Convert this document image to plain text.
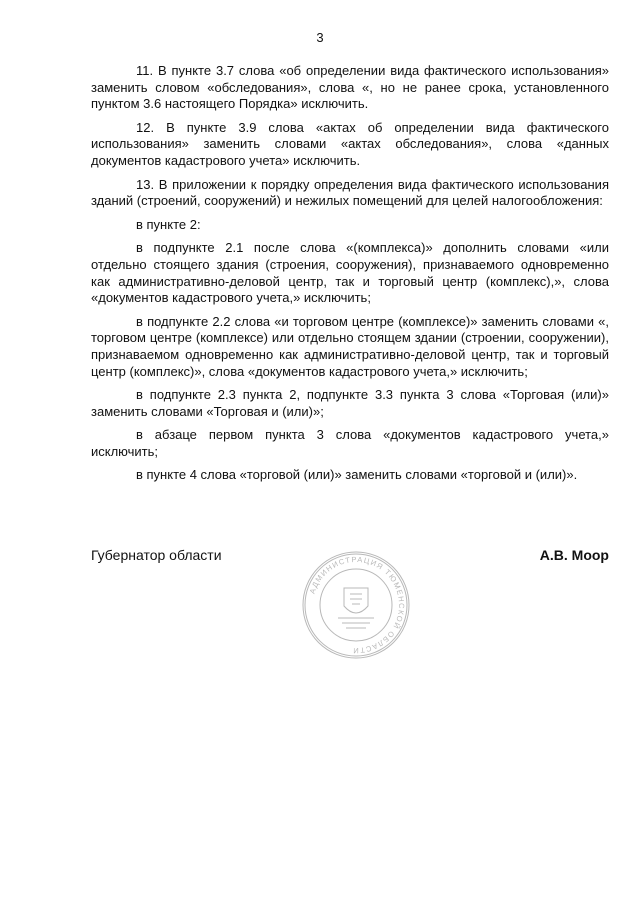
3

11. В пункте 3.7 слова «об определении вида фактического использования» заменить словом «обследования», слова «, но не ранее срока, установленного пунктом 3.6 настоящего Порядка» исключить.

12. В пункте 3.9 слова «актах об определении вида фактического использования» заменить словами «актах обследования», слова «данных документов кадастрового учета» исключить.

13. В приложении к порядку определения вида фактического использования зданий (строений, сооружений) и нежилых помещений для целей налогообложения:

в пункте 2:

в подпункте 2.1 после слова «(комплекса)» дополнить словами «или отдельно стоящего здания (строения, сооружения), признаваемого одновременно как административно-деловой центр, так и торговый центр (комплекс),», слова «документов кадастрового учета,» исключить;

в подпункте 2.2 слова «и торговом центре (комплексе)» заменить словами «, торговом центре (комплексе) или отдельно стоящем здании (строении, сооружении), признаваемом одновременно как административно-деловой центр, так и торговый центр (комплекс)», слова «документов кадастрового учета,» исключить;

в подпункте 2.3 пункта 2, подпункте 3.3 пункта 3 слова «Торговая (или)» заменить словами «Торговая и (или)»;

в абзаце первом пункта 3 слова «документов кадастрового учета,» исключить;

в пункте 4 слова «торговой (или)» заменить словами «торговой и (или)».

Губернатор области	А.В. Моор
АДМИНИСТРАЦИЯ ТЮМЕНСКОЙ ОБЛАСТИ
